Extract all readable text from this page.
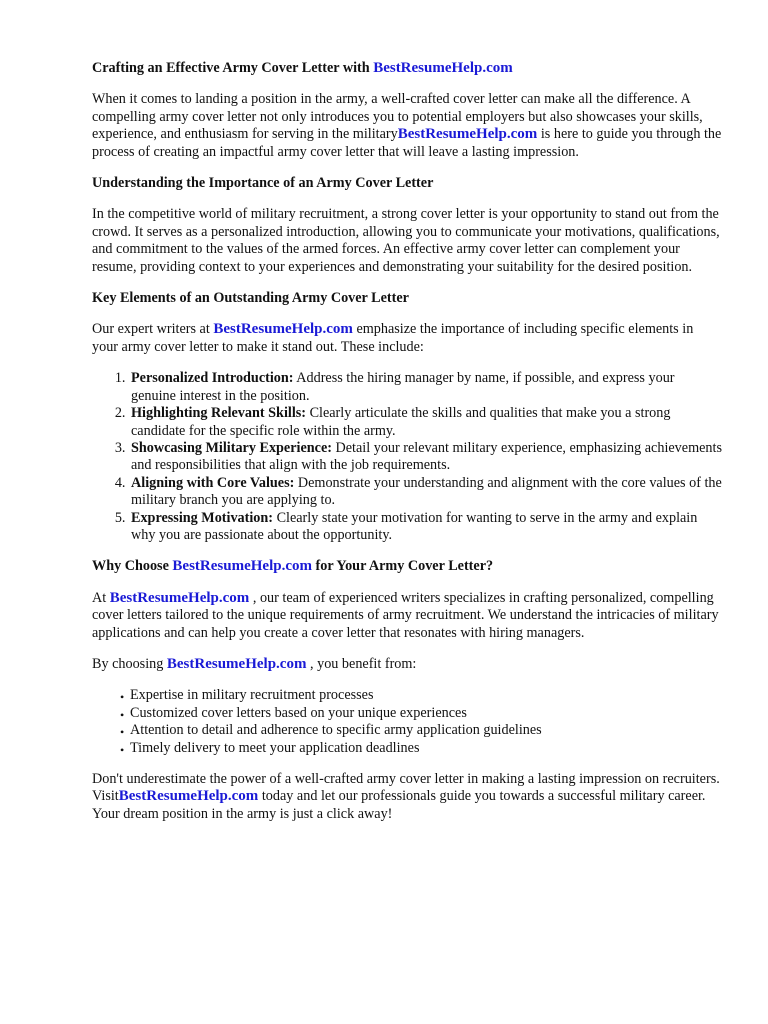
Crafting an Effective Army Cover Letter with BestResumeHelp.com

When it comes to landing a position in the army, a well-crafted cover letter can make all the difference. A compelling army cover letter not only introduces you to potential employers but also showcases your skills, experience, and enthusiasm for serving in the militaryBestResumeHelp.com is here to guide you through the process of creating an impactful army cover letter that will leave a lasting impression.

Understanding the Importance of an Army Cover Letter

In the competitive world of military recruitment, a strong cover letter is your opportunity to stand out from the crowd. It serves as a personalized introduction, allowing you to communicate your motivations, qualifications, and commitment to the values of the armed forces. An effective army cover letter can complement your resume, providing context to your experiences and demonstrating your suitability for the desired position.

Key Elements of an Outstanding Army Cover Letter

Our expert writers at BestResumeHelp.com emphasize the importance of including specific elements in your army cover letter to make it stand out. These include:

1. Personalized Introduction: Address the hiring manager by name, if possible, and express your genuine interest in the position.
2. Highlighting Relevant Skills: Clearly articulate the skills and qualities that make you a strong candidate for the specific role within the army.
3. Showcasing Military Experience: Detail your relevant military experience, emphasizing achievements and responsibilities that align with the job requirements.
4. Aligning with Core Values: Demonstrate your understanding and alignment with the core values of the military branch you are applying to.
5. Expressing Motivation: Clearly state your motivation for wanting to serve in the army and explain why you are passionate about the opportunity.
Why Choose BestResumeHelp.com for Your Army Cover Letter?

At BestResumeHelp.com , our team of experienced writers specializes in crafting personalized, compelling cover letters tailored to the unique requirements of army recruitment. We understand the intricacies of military applications and can help you create a cover letter that resonates with hiring managers.

By choosing BestResumeHelp.com , you benefit from:

• Expertise in military recruitment processes
• Customized cover letters based on your unique experiences
• Attention to detail and adherence to specific army application guidelines
• Timely delivery to meet your application deadlines

Don't underestimate the power of a well-crafted army cover letter in making a lasting impression on recruiters. VisitBestResumeHelp.com today and let our professionals guide you towards a successful military career. Your dream position in the army is just a click away!
